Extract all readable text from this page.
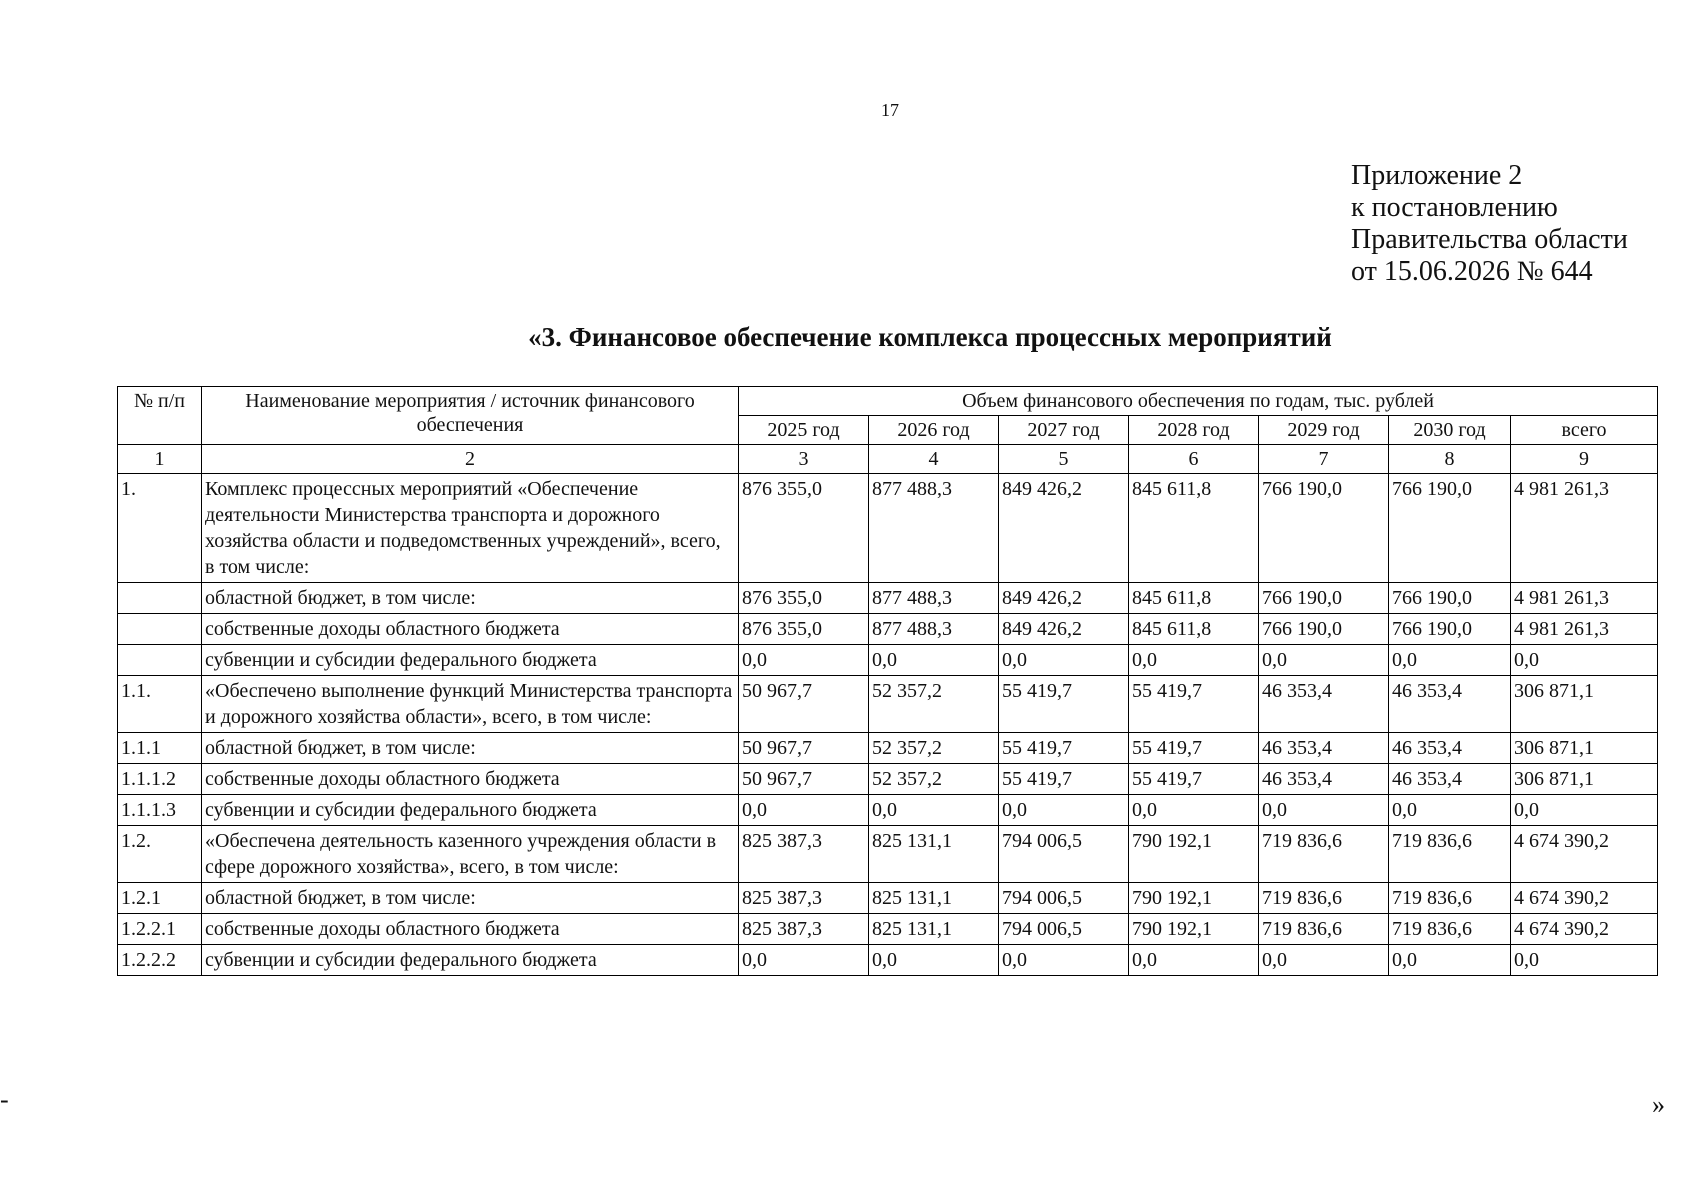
17
Приложение 2
к постановлению
Правительства области
от 15.06.2026 № 644
«3. Финансовое обеспечение комплекса процессных мероприятий
№ п/п	Наименование мероприятия / источник финансового обеспечения	Объем финансового обеспечения по годам, тыс. рублей						
		2025 год	2026 год	2027 год	2028 год	2029 год	2030 год	всего
1	2	3	4	5	6	7	8	9
1.	Комплекс процессных мероприятий «Обеспечение деятельности Министерства транспорта и дорожного хозяйства области и подведомственных учреждений», всего, в том числе:	876 355,0	877 488,3	849 426,2	845 611,8	766 190,0	766 190,0	4 981 261,3
	областной бюджет, в том числе:	876 355,0	877 488,3	849 426,2	845 611,8	766 190,0	766 190,0	4 981 261,3
	собственные доходы областного бюджета	876 355,0	877 488,3	849 426,2	845 611,8	766 190,0	766 190,0	4 981 261,3
	субвенции и субсидии федерального бюджета	0,0	0,0	0,0	0,0	0,0	0,0	0,0
1.1.	«Обеспечено выполнение функций Министерства транспорта и дорожного хозяйства области», всего, в том числе:	50 967,7	52 357,2	55 419,7	55 419,7	46 353,4	46 353,4	306 871,1
1.1.1	областной бюджет, в том числе:	50 967,7	52 357,2	55 419,7	55 419,7	46 353,4	46 353,4	306 871,1
1.1.1.2	собственные доходы областного бюджета	50 967,7	52 357,2	55 419,7	55 419,7	46 353,4	46 353,4	306 871,1
1.1.1.3	субвенции и субсидии федерального бюджета	0,0	0,0	0,0	0,0	0,0	0,0	0,0
1.2.	«Обеспечена деятельность казенного учреждения области в сфере дорожного хозяйства», всего, в том числе:	825 387,3	825 131,1	794 006,5	790 192,1	719 836,6	719 836,6	4 674 390,2
1.2.1	областной бюджет, в том числе:	825 387,3	825 131,1	794 006,5	790 192,1	719 836,6	719 836,6	4 674 390,2
1.2.2.1	собственные доходы областного бюджета	825 387,3	825 131,1	794 006,5	790 192,1	719 836,6	719 836,6	4 674 390,2
1.2.2.2	субвенции и субсидии федерального бюджета	0,0	0,0	0,0	0,0	0,0	0,0	0,0
»
-
